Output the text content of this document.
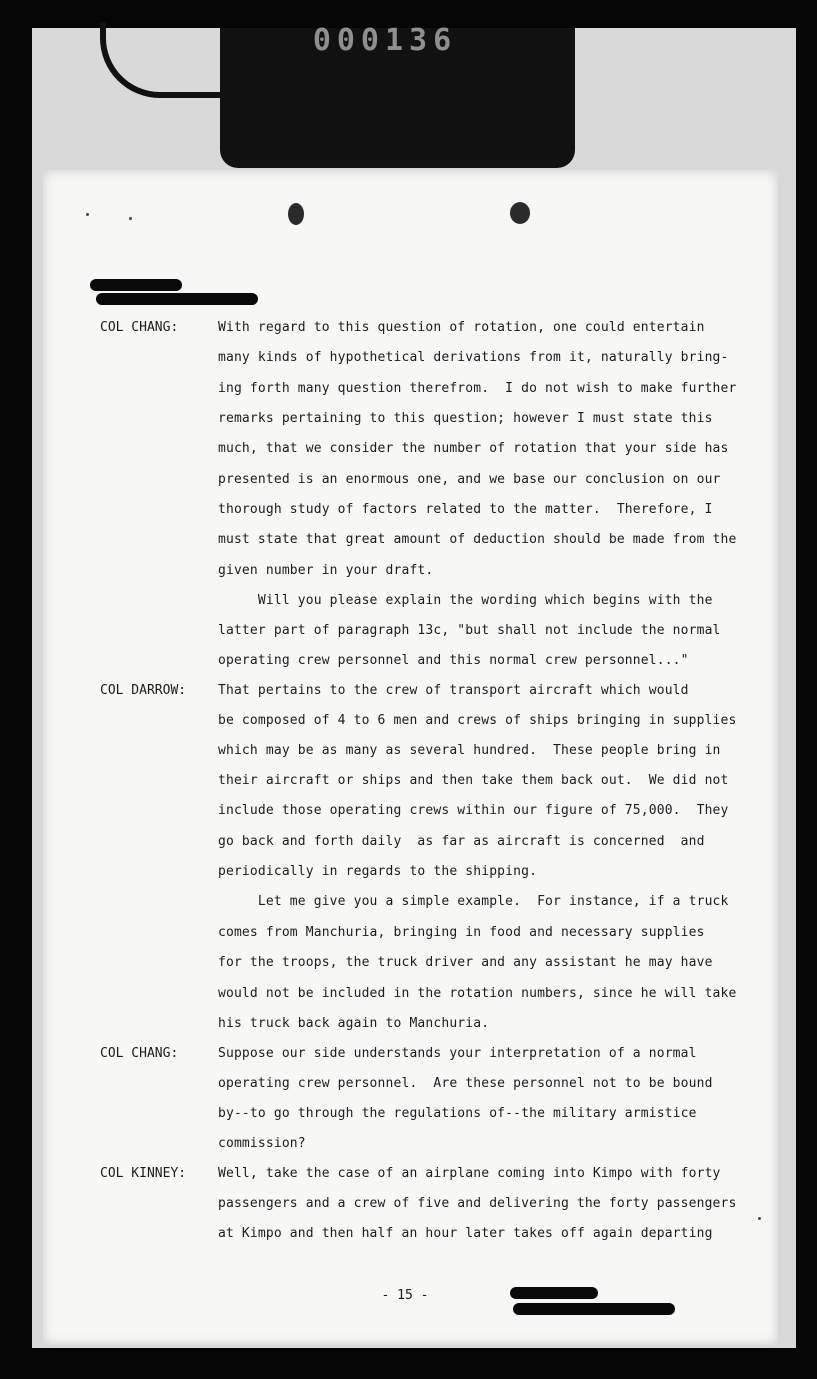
000136
COL CHANG:	With regard to this question of rotation, one could entertain
many kinds of hypothetical derivations from it, naturally bring-
ing forth many question therefrom.  I do not wish to make further
remarks pertaining to this question; however I must state this
much, that we consider the number of rotation that your side has
presented is an enormous one, and we base our conclusion on our
thorough study of factors related to the matter.  Therefore, I
must state that great amount of deduction should be made from the
given number in your draft.
Will you please explain the wording which begins with the
latter part of paragraph 13c, "but shall not include the normal
operating crew personnel and this normal crew personnel..."
COL DARROW: That pertains to the crew of transport aircraft which would
be composed of 4 to 6 men and crews of ships bringing in supplies
which may be as many as several hundred.  These people bring in
their aircraft or ships and then take them back out.  We did not
include those operating crews within our figure of 75,000.  They
go back and forth daily  as far as aircraft is concerned  and
periodically in regards to the shipping.
Let me give you a simple example.  For instance, if a truck
comes from Manchuria, bringing in food and necessary supplies
for the troops, the truck driver and any assistant he may have
would not be included in the rotation numbers, since he will take
his truck back again to Manchuria.
COL CHANG:	Suppose our side understands your interpretation of a normal
operating crew personnel.  Are these personnel not to be bound
by--to go through the regulations of--the military armistice
commission?
COL KINNEY: Well, take the case of an airplane coming into Kimpo with forty
passengers and a crew of five and delivering the forty passengers
at Kimpo and then half an hour later takes off again departing
- 15 -
